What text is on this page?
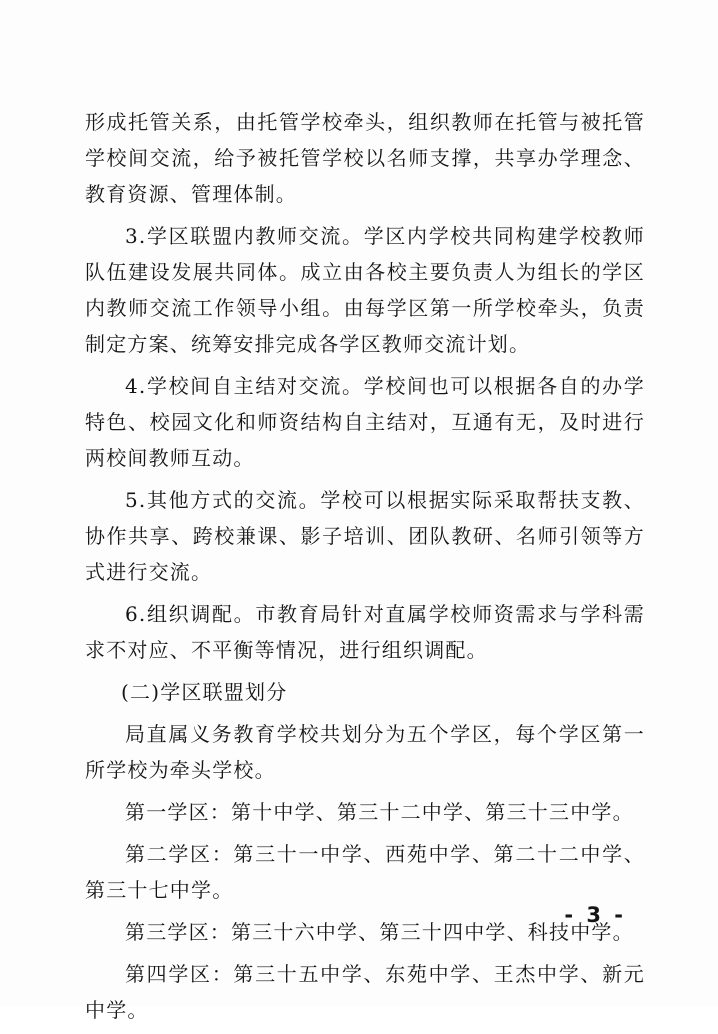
形成托管关系，由托管学校牵头，组织教师在托管与被托管学校间交流，给予被托管学校以名师支撑，共享办学理念、教育资源、管理体制。

3.学区联盟内教师交流。学区内学校共同构建学校教师队伍建设发展共同体。成立由各校主要负责人为组长的学区内教师交流工作领导小组。由每学区第一所学校牵头，负责制定方案、统筹安排完成各学区教师交流计划。

4.学校间自主结对交流。学校间也可以根据各自的办学特色、校园文化和师资结构自主结对，互通有无，及时进行两校间教师互动。

5.其他方式的交流。学校可以根据实际采取帮扶支教、协作共享、跨校兼课、影子培训、团队教研、名师引领等方式进行交流。

6.组织调配。市教育局针对直属学校师资需求与学科需求不对应、不平衡等情况，进行组织调配。

(二)学区联盟划分

局直属义务教育学校共划分为五个学区，每个学区第一所学校为牵头学校。

第一学区：第十中学、第三十二中学、第三十三中学。

第二学区：第三十一中学、西苑中学、第二十二中学、第三十七中学。

第三学区：第三十六中学、第三十四中学、科技中学。

第四学区：第三十五中学、东苑中学、王杰中学、新元中学。

- 3 -
